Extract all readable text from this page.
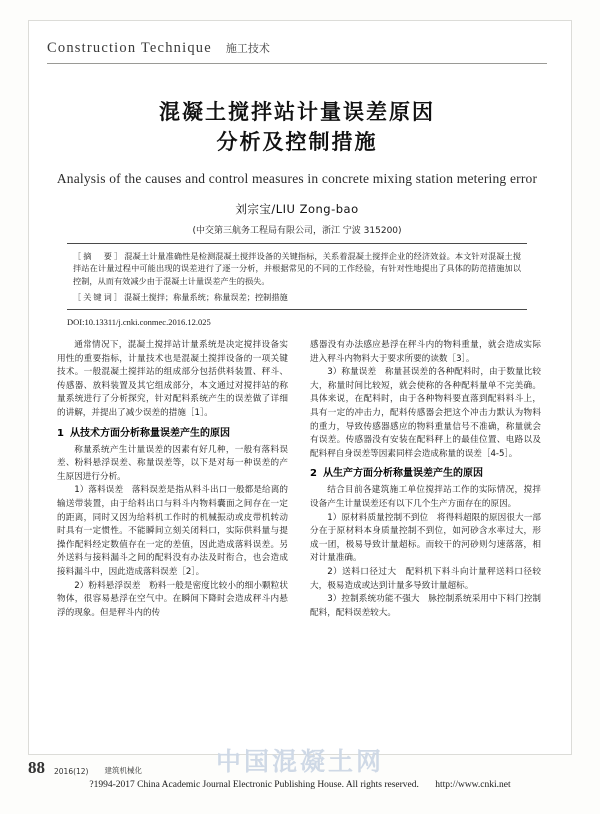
Construction Technique 施工技术
混凝土搅拌站计量误差原因
分析及控制措施
Analysis of the causes and control measures in concrete mixing station metering error
刘宗宝/LIU Zong-bao
(中交第三航务工程局有限公司，浙江 宁波 315200)

［摘　要］混凝土计量准确性是检测混凝土搅拌设备的关键指标，关系着混凝土搅拌企业的经济效益。本文针对混凝土搅拌站在计量过程中可能出现的误差进行了逐一分析，并根据常见的不同的工作经验，有针对性地提出了具体的防范措施加以控制，从而有效减少由于混凝土计量误差产生的损失。

［关键词］混凝土搅拌；称量系统；称量误差；控制措施

DOI:10.13311/j.cnki.conmec.2016.12.025

通常情况下，混凝土搅拌站计量系统是决定搅拌设备实用性的重要指标，计量技术也是混凝土搅拌设备的一项关键技术。一般混凝土搅拌站的组成部分包括供料装置、秤斗、传感器、放料装置及其它组成部分，本文通过对搅拌站的称量系统进行了分析探究，针对配料系统产生的误差做了详细的讲解，并提出了减少误差的措施［1］。

1 从技术方面分析称量误差产生的原因

称量系统产生计量误差的因素有好几种，一般有落料误差、粉料悬浮误差、称量误差等，以下是对每一种误差的产生原因进行分析。

1）落料误差　落料误差是指从料斗出口一般都是给离的输送带装置，由于给料出口与料斗内物料囊面之间存在一定的距离，同时又因为给料机工作时的机械振动或皮带机转动时具有一定惯性。不能瞬间立刻关闭料口，实际供料量与提操作配料经定数值存在一定的差值，因此造成落料误差。另外送料与接料漏斗之间的配料没有办法及时衔合，也会造成接料漏斗中，因此造成落料误差［2］。

2）粉料悬浮误差　粉料一般是密度比较小的细小颗粒状物体，很容易悬浮在空气中。在瞬间下降时会造成秤斗内悬浮的现象。但是秤斗内的传

感器没有办法感应悬浮在秤斗内的物料重量，就会造成实际进入秤斗内物料大于要求所要的读数［3］。

3）称量误差　称量甚误差的各种配料时，由于数量比较大，称量时间比较短，就会使称的各种配料量单不完美确。具体来说，在配料时，由于各种物料要直落到配料料斗上，具有一定的冲击力，配料传感器会把这个冲击力默认为物料的重力，导致传感器感应的物料重量信号不准确，称量就会有误差。传感器没有安装在配料秤上的最佳位置、电路以及配料秤自身误差等因素同样会造成称量的误差［4-5］。

2 从生产方面分析称量误差产生的原因

结合目前各建筑施工单位搅拌站工作的实际情况，搅拌设备产生计量误差还有以下几个生产方面存在的原因。

1）原材料质量控制不到位　将得料超限的原因很大一部分在于原材料本身质量控制不到位，如河砂含水率过大，形成一团，极易导致计量超标。而较干的河砂则匀速落落，相对计量准确。

2）送料口径过大　配料机下料斗向计量秤送料口径较大，极易造成或达到计量多导致计量超标。

3）控制系统功能不强大　脉控制系统采用中下料门控制配料，配料误差较大。

中国混凝土网
88 2016(12) 建筑机械化
?1994-2017 China Academic Journal Electronic Publishing House. All rights reserved. http://www.cnki.net
